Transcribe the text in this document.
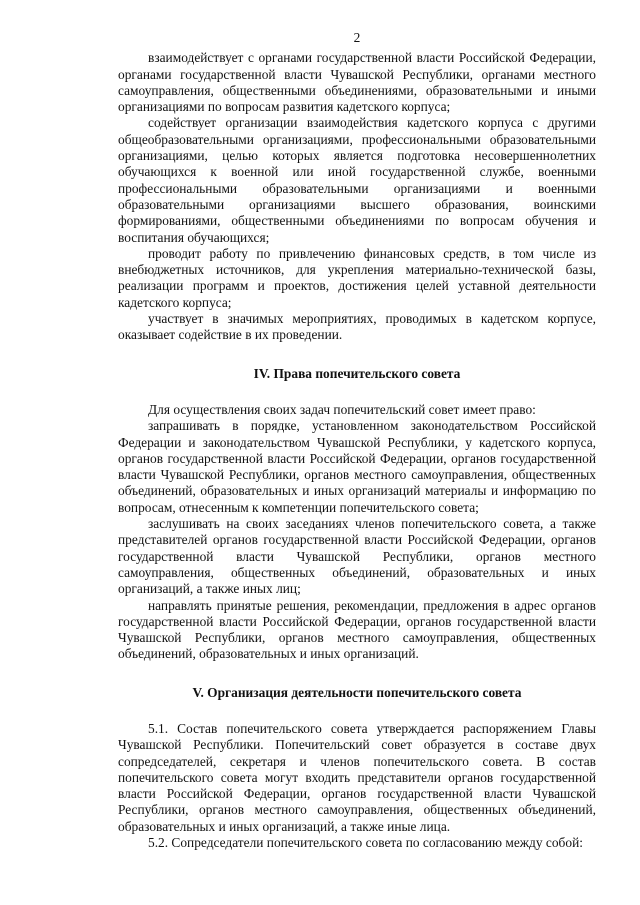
2

взаимодействует с органами государственной власти Российской Федерации, органами государственной власти Чувашской Республики, органами местного самоуправления, общественными объединениями, образовательными и иными организациями по вопросам развития кадетского корпуса;

содействует организации взаимодействия кадетского корпуса с другими общеобразовательными организациями, профессиональными образовательными организациями, целью которых является подготовка несовершеннолетних обучающихся к военной или иной государственной службе, военными профессиональными образовательными организациями и военными образовательными организациями высшего образования, воинскими формированиями, общественными объединениями по вопросам обучения и воспитания обучающихся;

проводит работу по привлечению финансовых средств, в том числе из внебюджетных источников, для укрепления материально-технической базы, реализации программ и проектов, достижения целей уставной деятельности кадетского корпуса;

участвует в значимых мероприятиях, проводимых в кадетском корпусе, оказывает содействие в их проведении.

IV. Права попечительского совета

Для осуществления своих задач попечительский совет имеет право:

запрашивать в порядке, установленном законодательством Российской Федерации и законодательством Чувашской Республики, у кадетского корпуса, органов государственной власти Российской Федерации, органов государственной власти Чувашской Республики, органов местного самоуправления, общественных объединений, образовательных и иных организаций материалы и информацию по вопросам, отнесенным к компетенции попечительского совета;

заслушивать на своих заседаниях членов попечительского совета, а также представителей органов государственной власти Российской Федерации, органов государственной власти Чувашской Республики, органов местного самоуправления, общественных объединений, образовательных и иных организаций, а также иных лиц;

направлять принятые решения, рекомендации, предложения в адрес органов государственной власти Российской Федерации, органов государственной власти Чувашской Республики, органов местного самоуправления, общественных объединений, образовательных и иных организаций.

V. Организация деятельности попечительского совета

5.1. Состав попечительского совета утверждается распоряжением Главы Чувашской Республики. Попечительский совет образуется в составе двух сопредседателей, секретаря и членов попечительского совета. В состав попечительского совета могут входить представители органов государственной власти Российской Федерации, органов государственной власти Чувашской Республики, органов местного самоуправления, общественных объединений, образовательных и иных организаций, а также иные лица.

5.2. Сопредседатели попечительского совета по согласованию между собой:
